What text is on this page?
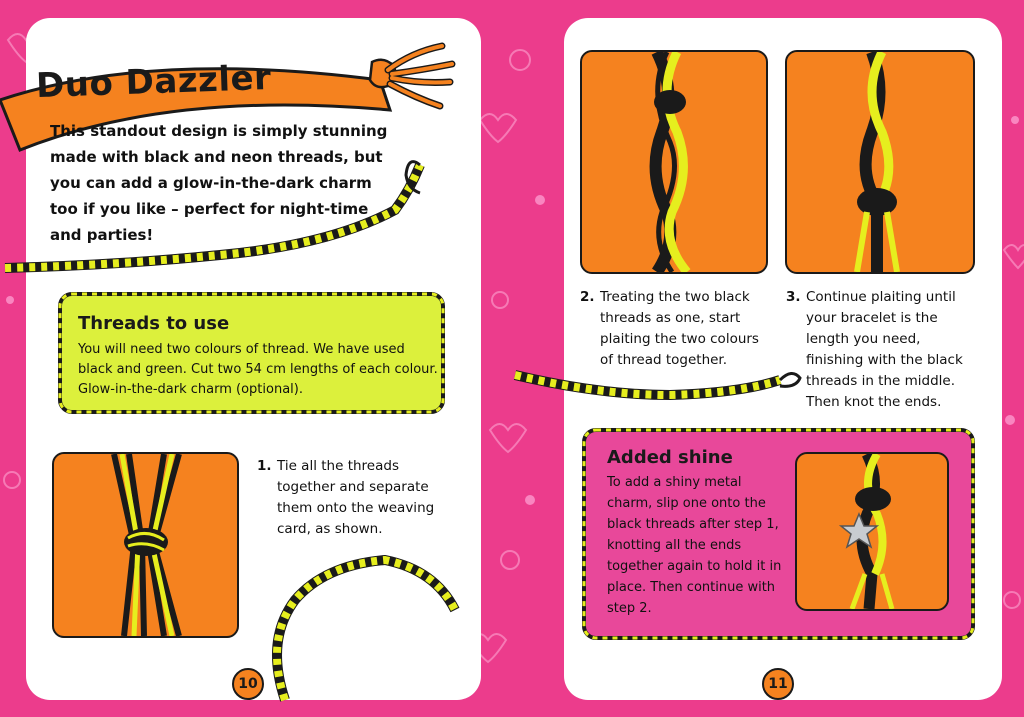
Duo Dazzler
This standout design is simply stunning made with black and neon threads, but you can add a glow-in-the-dark charm too if you like – perfect for night-time and parties!
Threads to use
You will need two colours of thread. We have used black and green. Cut two 54 cm lengths of each colour. Glow-in-the-dark charm (optional).
1. Tie all the threads together and separate them onto the weaving card, as shown.
10
2. Treating the two black threads as one, start plaiting the two colours of thread together.
3. Continue plaiting until your bracelet is the length you need, finishing with the black threads in the middle. Then knot the ends.
Added shine
To add a shiny metal charm, slip one onto the black threads after step 1, knotting all the ends together again to hold it in place. Then continue with step 2.
11
